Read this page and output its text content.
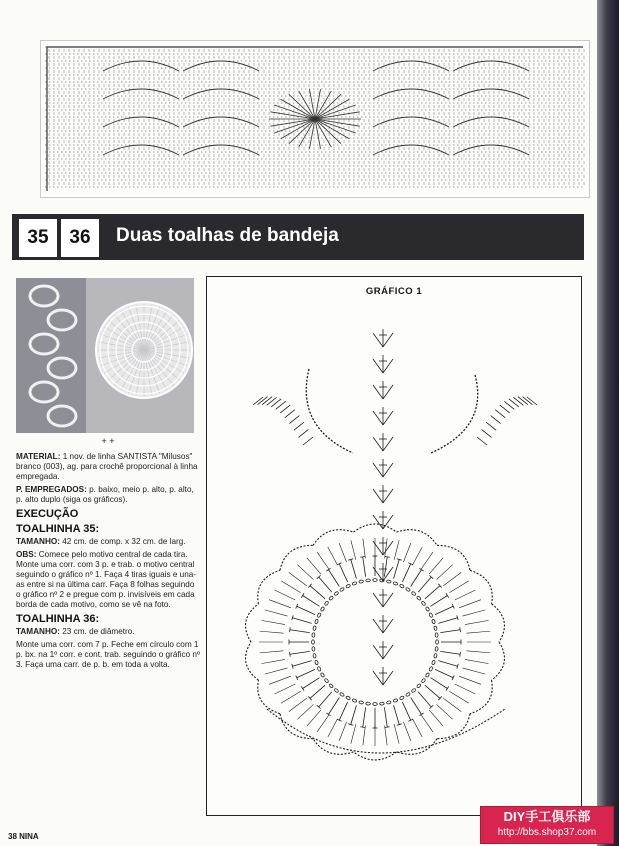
35	36	Duas toalhas de bandeja
+ +

MATERIAL: 1 nov. de linha SANTISTA "Milusos" branco (003), ag. para crochê proporcional à linha empregada.

P. EMPREGADOS: p. baixo, meio p. alto, p. alto, p. alto duplo (siga os gráficos).

EXECUÇÃO
TOALHINHA 35:

TAMANHO: 42 cm. de comp. x 32 cm. de larg.

OBS: Comece pelo motivo central de cada tira. Monte uma corr. com 3 p. e trab. o motivo central seguindo o gráfico nº 1. Faça 4 tiras iguais e una-as entre si na última carr. Faça 8 folhas seguindo o gráfico nº 2 e pregue com p. invisíveis em cada borda de cada motivo, como se vê na foto.

TOALHINHA 36:

TAMANHO: 23 cm. de diâmetro.

Monte uma corr. com 7 p. Feche em círculo com 1 p. bx. na 1º corr. e cont. trab. seguindo o gráfico nº 3. Faça uma carr. de p. b. em toda a volta.

GRÁFICO 1
38 NINA
DIY手工俱乐部
http://bbs.shop37.com
